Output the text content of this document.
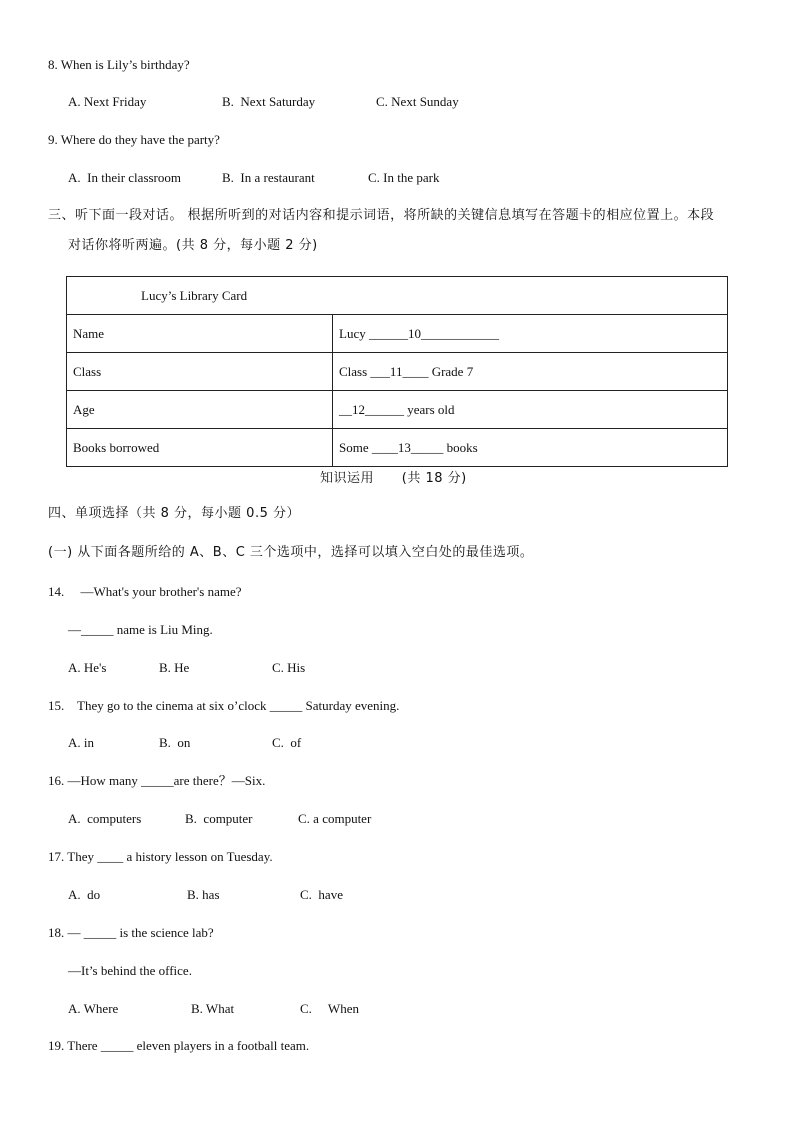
8. When is Lily’s birthday?
A. Next Friday	B.  Next Saturday	C. Next Sunday
9. Where do they have the party?
A.  In their classroom	B.  In a restaurant	C. In the park
三、听下面一段对话。 根据所听到的对话内容和提示词语，将所缺的关键信息填写在答题卡的相应位置上。本段
对话你将听两遍。(共 8 分，每小题 2 分)
Lucy’s Library Card	
Name	Lucy ______10____________
Class	Class ___11____ Grade 7
Age	__12______ years old
Books borrowed	Some ____13_____ books
知识运用      (共 18 分)
四、单项选择（共 8 分，每小题 0.5 分）
(一) 从下面各题所给的 A、B、C 三个选项中，选择可以填入空白处的最佳选项。
14.     —What's your brother's name?
—_____ name is Liu Ming.
A. He's	B. He	C. His
15.    They go to the cinema at six o’clock _____ Saturday evening.
A. in	B.  on	C.  of
16. —How many _____are there？—Six.
A.  computers	B.  computer	C. a computer
17. They ____ a history lesson on Tuesday.
A.  do	B. has	C.  have
18. — _____ is the science lab?
—It’s behind the office.
A. Where	B. What	C.     When
19. There _____ eleven players in a football team.
